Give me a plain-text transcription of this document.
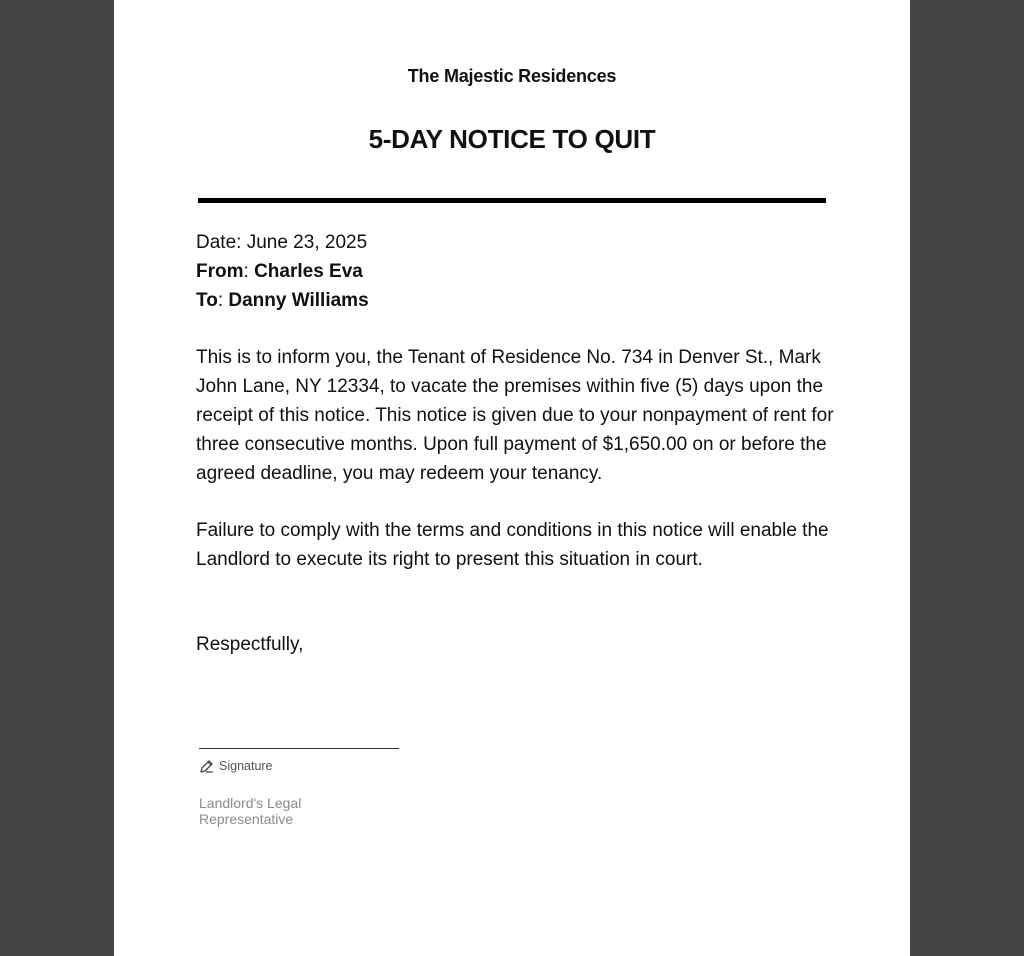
The Majestic Residences
5-DAY NOTICE TO QUIT
Date: June 23, 2025
From: Charles Eva
To: Danny Williams

This is to inform you, the Tenant of Residence No. 734 in Denver St., Mark John Lane, NY 12334, to vacate the premises within five (5) days upon the receipt of this notice. This notice is given due to your nonpayment of rent for three consecutive months. Upon full payment of $1,650.00 on or before the agreed deadline, you may redeem your tenancy.

Failure to comply with the terms and conditions in this notice will enable the Landlord to execute its right to present this situation in court.

Respectfully,

Signature
Landlord's Legal Representative
